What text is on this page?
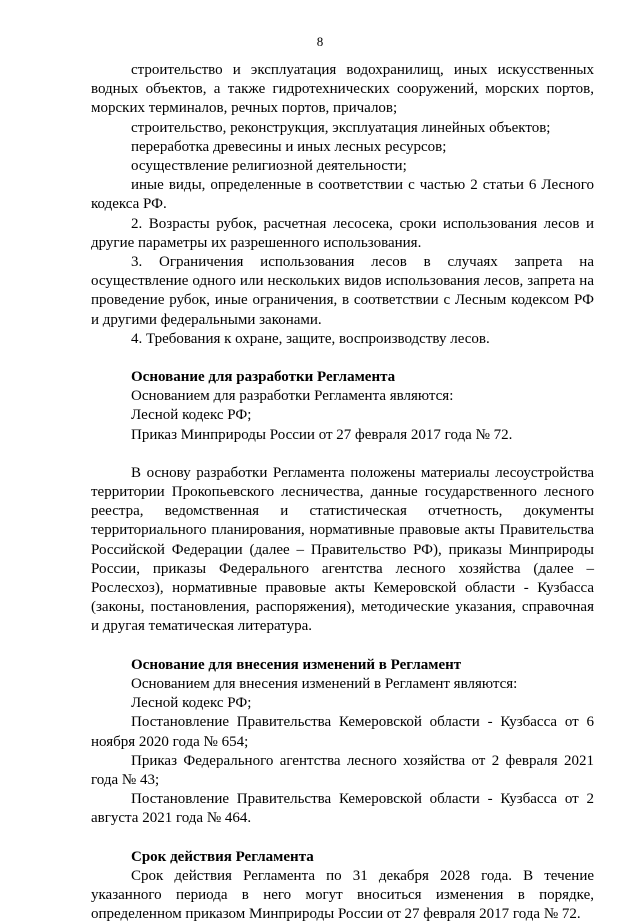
8

строительство и эксплуатация водохранилищ, иных искусственных водных объектов, а также гидротехнических сооружений, морских портов, морских терминалов, речных портов, причалов;

строительство, реконструкция, эксплуатация линейных объектов;

переработка древесины и иных лесных ресурсов;

осуществление религиозной деятельности;

иные виды, определенные в соответствии с частью 2 статьи 6 Лесного кодекса РФ.

2. Возрасты рубок, расчетная лесосека, сроки использования лесов и другие параметры их разрешенного использования.

3. Ограничения использования лесов в случаях запрета на осуществление одного или нескольких видов использования лесов, запрета на проведение рубок, иные ограничения, в соответствии с Лесным кодексом РФ и другими федеральными законами.

4. Требования к охране, защите, воспроизводству лесов.

Основание для разработки Регламента

Основанием для разработки Регламента являются:

Лесной кодекс РФ;

Приказ Минприроды России от 27 февраля 2017 года № 72.

В основу разработки Регламента положены материалы лесоустройства территории Прокопьевского лесничества, данные государственного лесного реестра, ведомственная и статистическая отчетность, документы территориального планирования, нормативные правовые акты Правительства Российской Федерации (далее – Правительство РФ), приказы Минприроды России, приказы Федерального агентства лесного хозяйства (далее – Рослесхоз), нормативные правовые акты Кемеровской области - Кузбасса (законы, постановления, распоряжения), методические указания, справочная и другая тематическая литература.

Основание для внесения изменений в Регламент

Основанием для внесения изменений в Регламент являются:

Лесной кодекс РФ;

Постановление Правительства Кемеровской области - Кузбасса от 6 ноября 2020 года № 654;

Приказ Федерального агентства лесного хозяйства от 2 февраля 2021 года № 43;

Постановление Правительства Кемеровской области - Кузбасса от 2 августа 2021 года № 464.

Срок действия Регламента

Срок действия Регламента по 31 декабря 2028 года. В течение указанного периода в него могут вноситься изменения в порядке, определенном приказом Минприроды России от 27 февраля 2017 года № 72.
